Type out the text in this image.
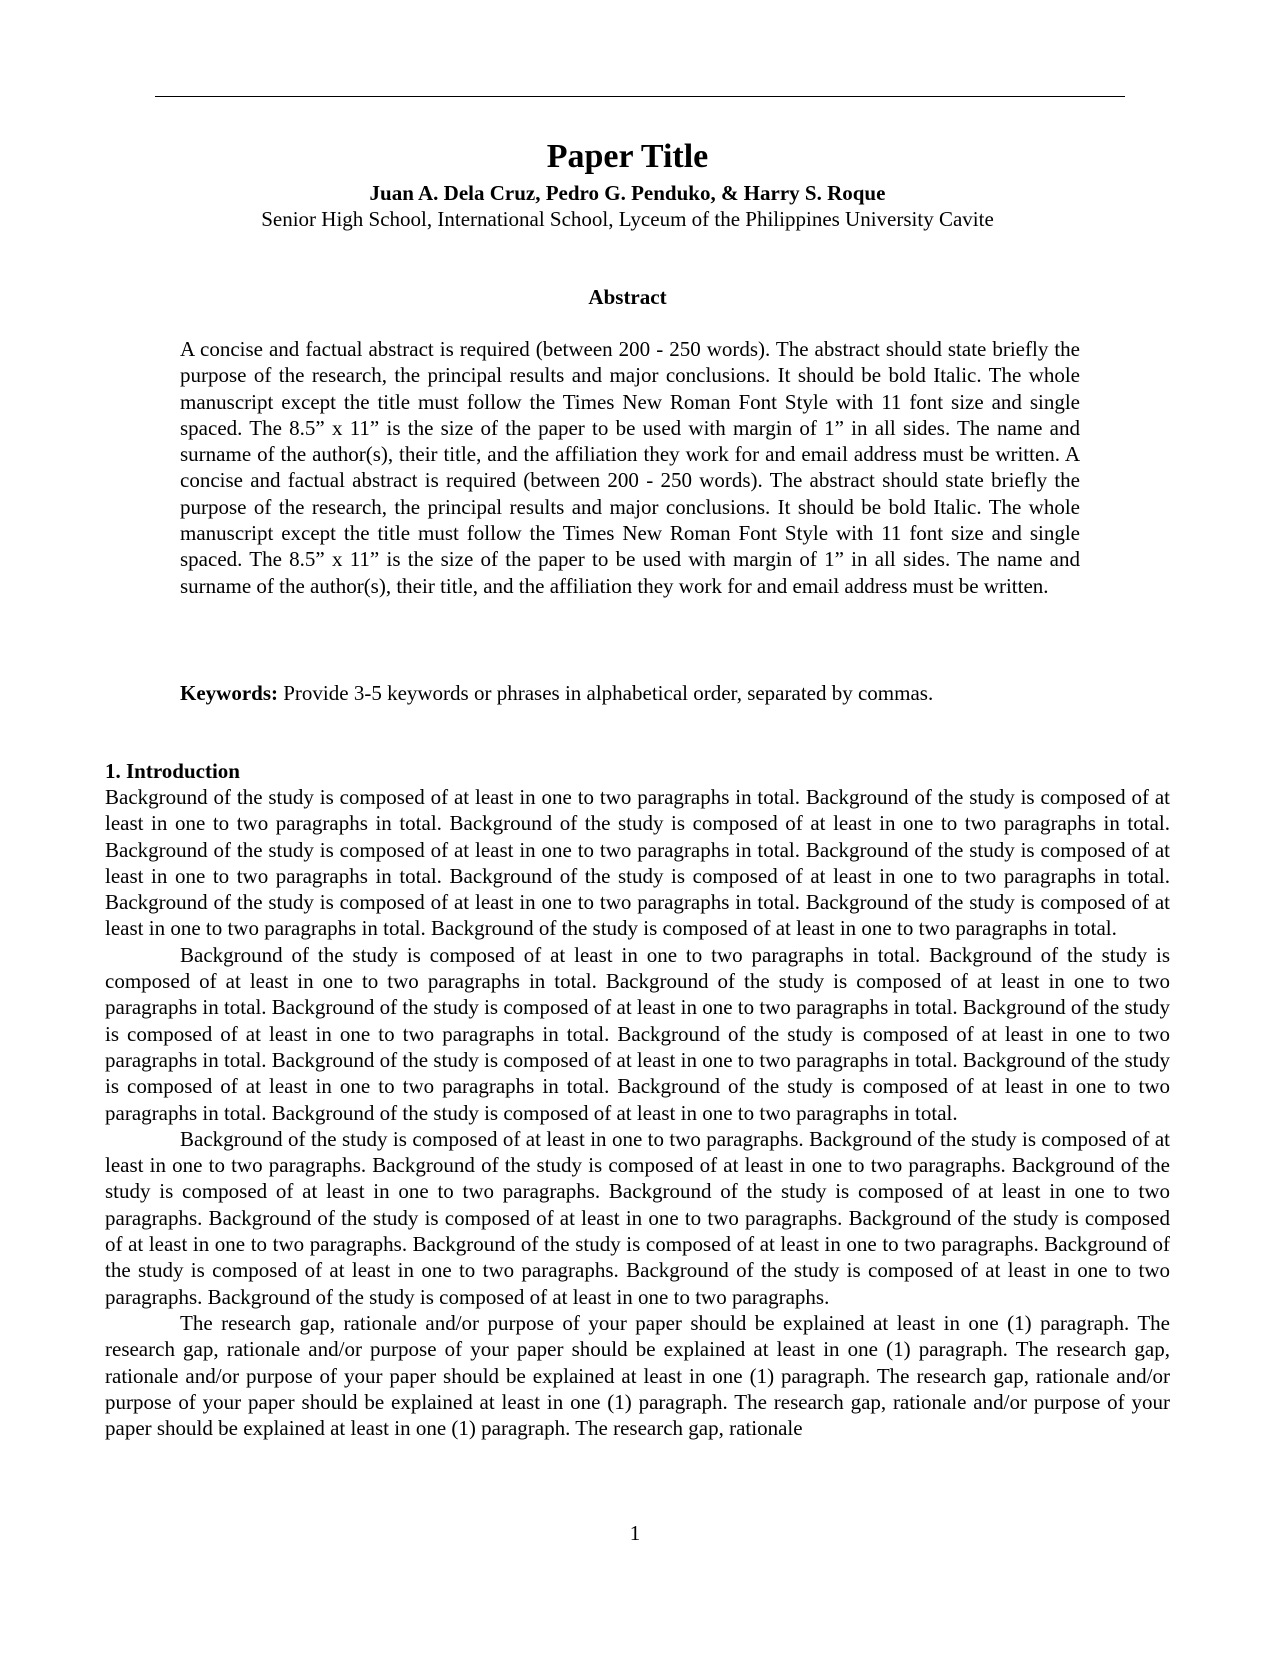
Paper Title
Juan A. Dela Cruz, Pedro G. Penduko, & Harry S. Roque
Senior High School, International School, Lyceum of the Philippines University Cavite
Abstract

A concise and factual abstract is required (between 200 - 250 words). The abstract should state briefly the purpose of the research, the principal results and major conclusions. It should be bold Italic. The whole manuscript except the title must follow the Times New Roman Font Style with 11 font size and single spaced. The 8.5” x 11” is the size of the paper to be used with margin of 1” in all sides. The name and surname of the author(s), their title, and the affiliation they work for and email address must be written. A concise and factual abstract is required (between 200 - 250 words). The abstract should state briefly the purpose of the research, the principal results and major conclusions. It should be bold Italic. The whole manuscript except the title must follow the Times New Roman Font Style with 11 font size and single spaced. The 8.5” x 11” is the size of the paper to be used with margin of 1” in all sides. The name and surname of the author(s), their title, and the affiliation they work for and email address must be written.

Keywords: Provide 3-5 keywords or phrases in alphabetical order, separated by commas.

1. Introduction

Background of the study is composed of at least in one to two paragraphs in total. Background of the study is composed of at least in one to two paragraphs in total. Background of the study is composed of at least in one to two paragraphs in total. Background of the study is composed of at least in one to two paragraphs in total. Background of the study is composed of at least in one to two paragraphs in total. Background of the study is composed of at least in one to two paragraphs in total. Background of the study is composed of at least in one to two paragraphs in total. Background of the study is composed of at least in one to two paragraphs in total. Background of the study is composed of at least in one to two paragraphs in total.

Background of the study is composed of at least in one to two paragraphs in total. Background of the study is composed of at least in one to two paragraphs in total. Background of the study is composed of at least in one to two paragraphs in total. Background of the study is composed of at least in one to two paragraphs in total. Background of the study is composed of at least in one to two paragraphs in total. Background of the study is composed of at least in one to two paragraphs in total. Background of the study is composed of at least in one to two paragraphs in total. Background of the study is composed of at least in one to two paragraphs in total. Background of the study is composed of at least in one to two paragraphs in total. Background of the study is composed of at least in one to two paragraphs in total.

Background of the study is composed of at least in one to two paragraphs. Background of the study is composed of at least in one to two paragraphs. Background of the study is composed of at least in one to two paragraphs. Background of the study is composed of at least in one to two paragraphs. Background of the study is composed of at least in one to two paragraphs. Background of the study is composed of at least in one to two paragraphs. Background of the study is composed of at least in one to two paragraphs. Background of the study is composed of at least in one to two paragraphs. Background of the study is composed of at least in one to two paragraphs. Background of the study is composed of at least in one to two paragraphs. Background of the study is composed of at least in one to two paragraphs.

The research gap, rationale and/or purpose of your paper should be explained at least in one (1) paragraph. The research gap, rationale and/or purpose of your paper should be explained at least in one (1) paragraph. The research gap, rationale and/or purpose of your paper should be explained at least in one (1) paragraph. The research gap, rationale and/or purpose of your paper should be explained at least in one (1) paragraph. The research gap, rationale and/or purpose of your paper should be explained at least in one (1) paragraph. The research gap, rationale

1
